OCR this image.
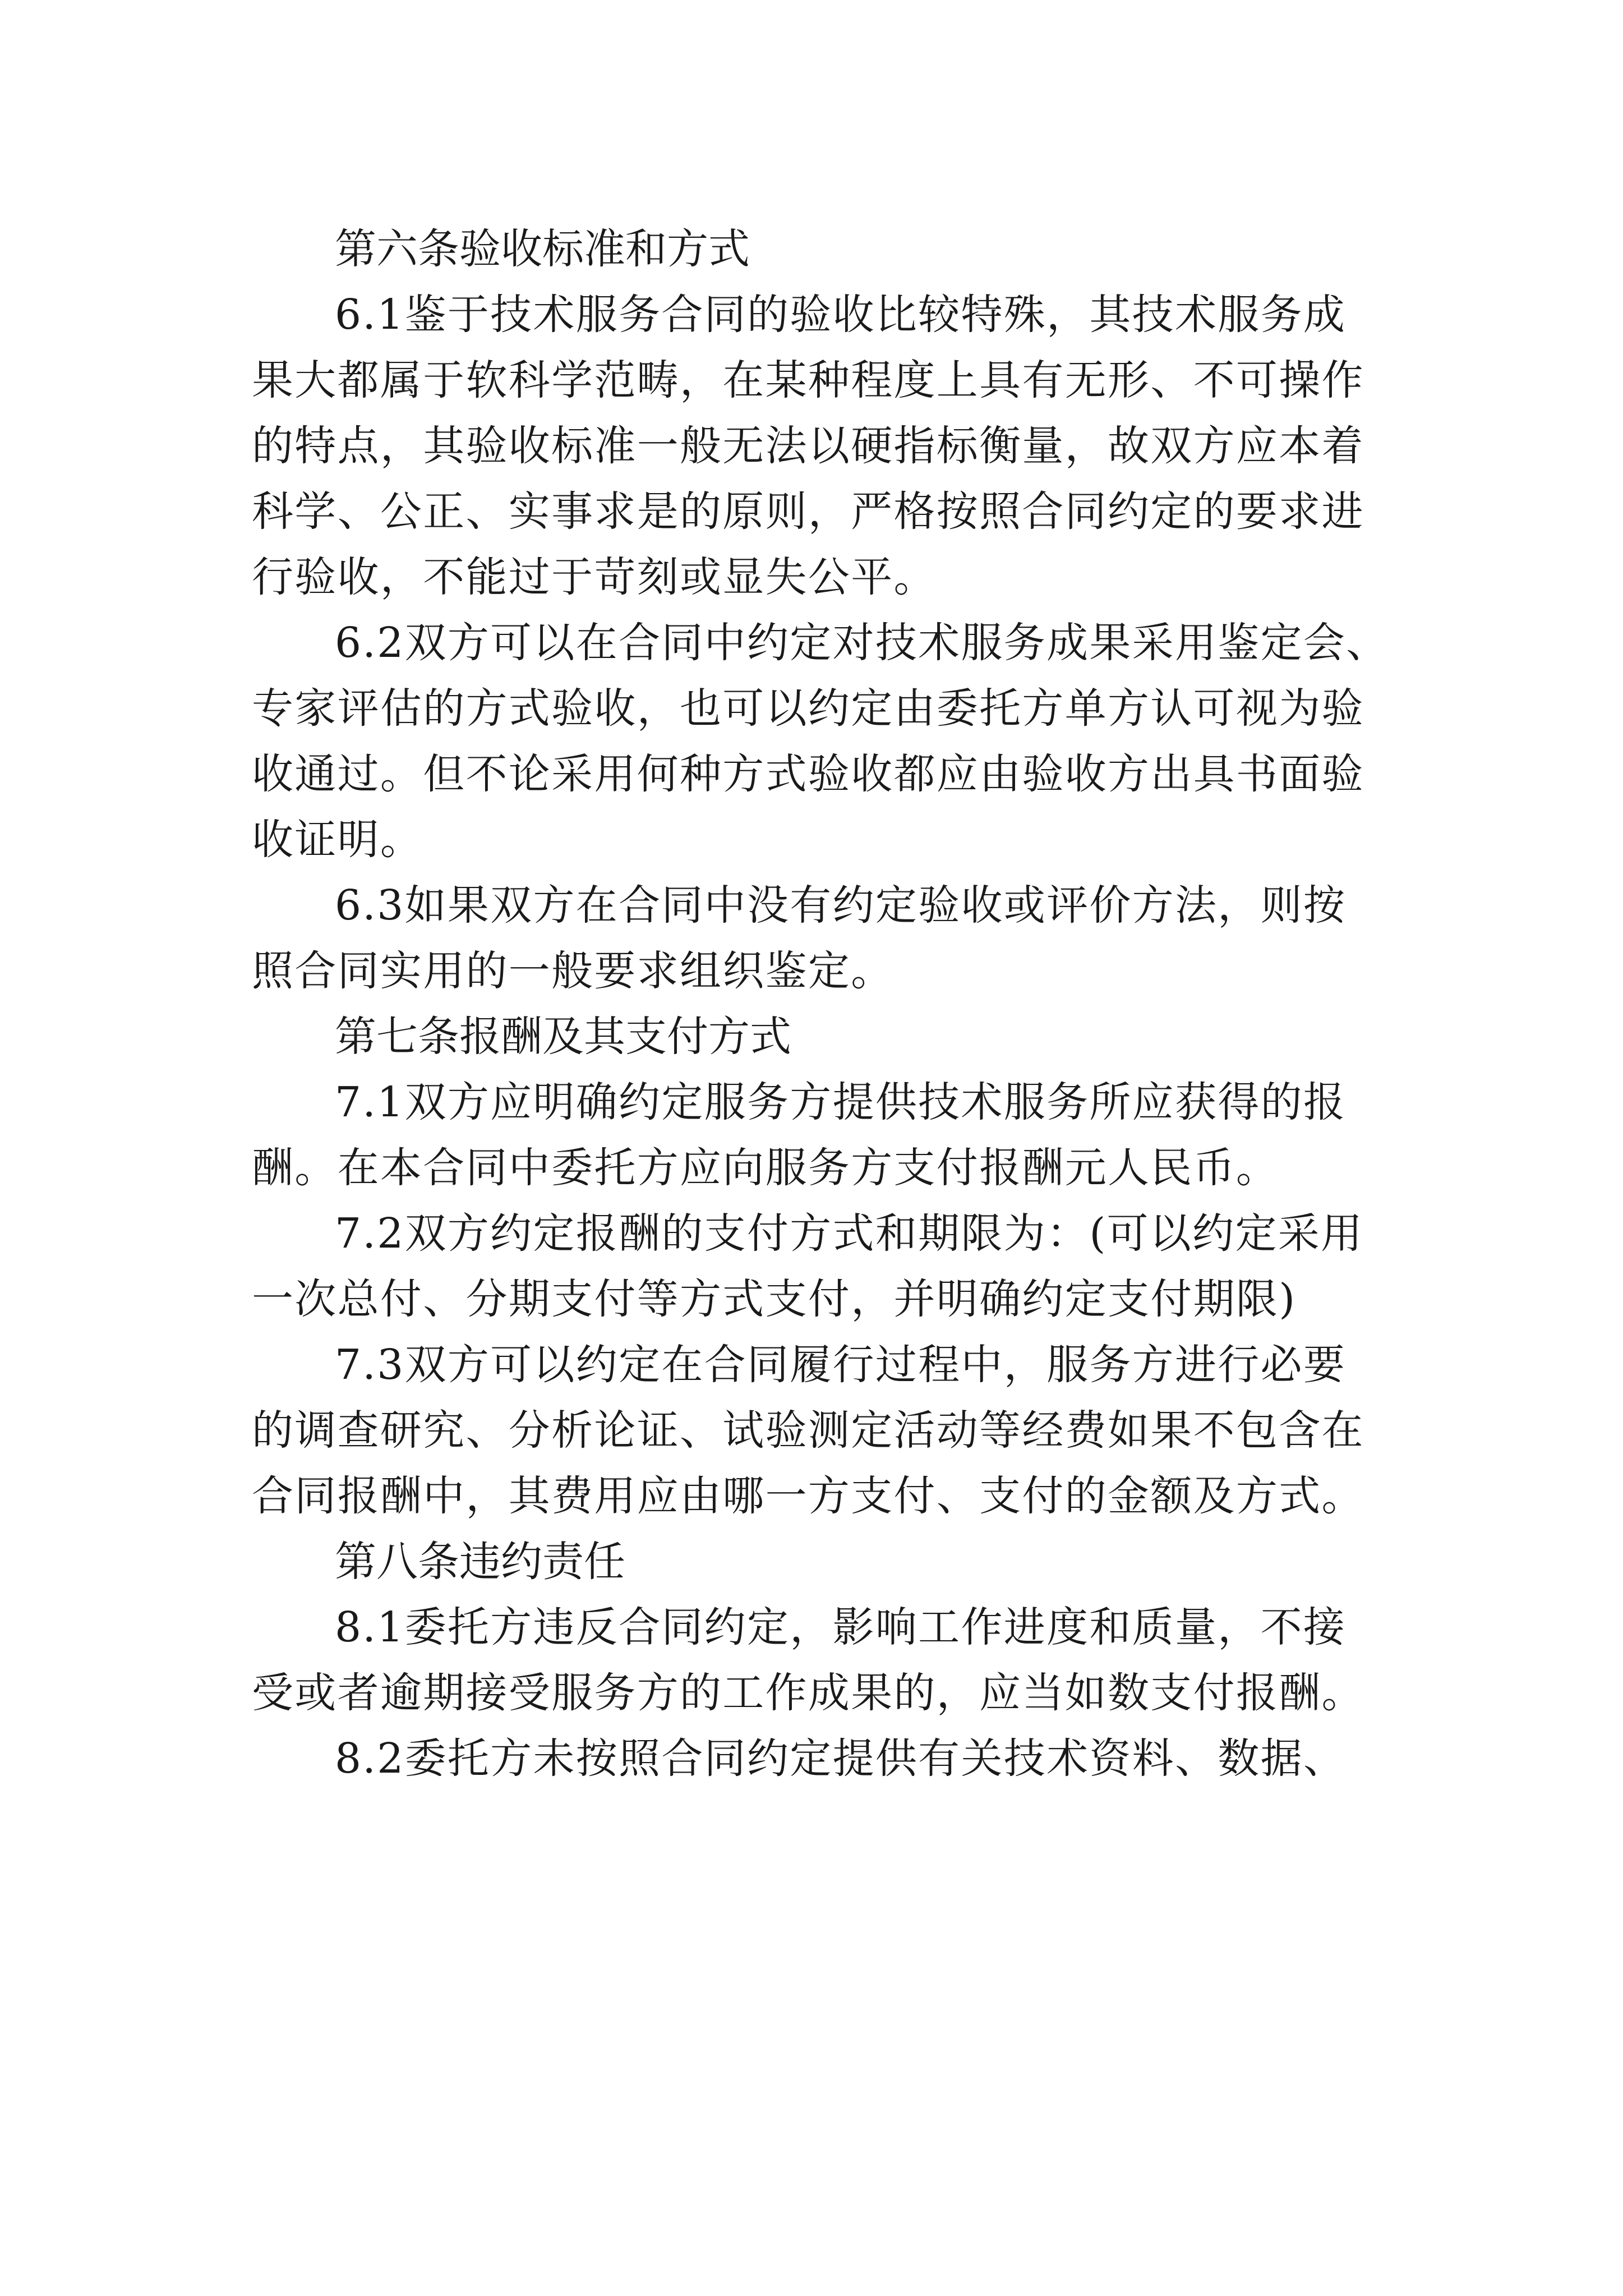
第六条验收标准和方式

6.1鉴于技术服务合同的验收比较特殊，其技术服务成
果大都属于软科学范畴，在某种程度上具有无形、不可操作
的特点，其验收标准一般无法以硬指标衡量，故双方应本着
科学、公正、实事求是的原则，严格按照合同约定的要求进
行验收，不能过于苛刻或显失公平。

6.2双方可以在合同中约定对技术服务成果采用鉴定会、
专家评估的方式验收，也可以约定由委托方单方认可视为验
收通过。但不论采用何种方式验收都应由验收方出具书面验
收证明。

6.3如果双方在合同中没有约定验收或评价方法，则按
照合同实用的一般要求组织鉴定。

第七条报酬及其支付方式

7.1双方应明确约定服务方提供技术服务所应获得的报
酬。在本合同中委托方应向服务方支付报酬元人民币。

7.2双方约定报酬的支付方式和期限为：(可以约定采用
一次总付、分期支付等方式支付，并明确约定支付期限)

7.3双方可以约定在合同履行过程中，服务方进行必要
的调查研究、分析论证、试验测定活动等经费如果不包含在
合同报酬中，其费用应由哪一方支付、支付的金额及方式。

第八条违约责任

8.1委托方违反合同约定，影响工作进度和质量，不接
受或者逾期接受服务方的工作成果的，应当如数支付报酬。

8.2委托方未按照合同约定提供有关技术资料、数据、
